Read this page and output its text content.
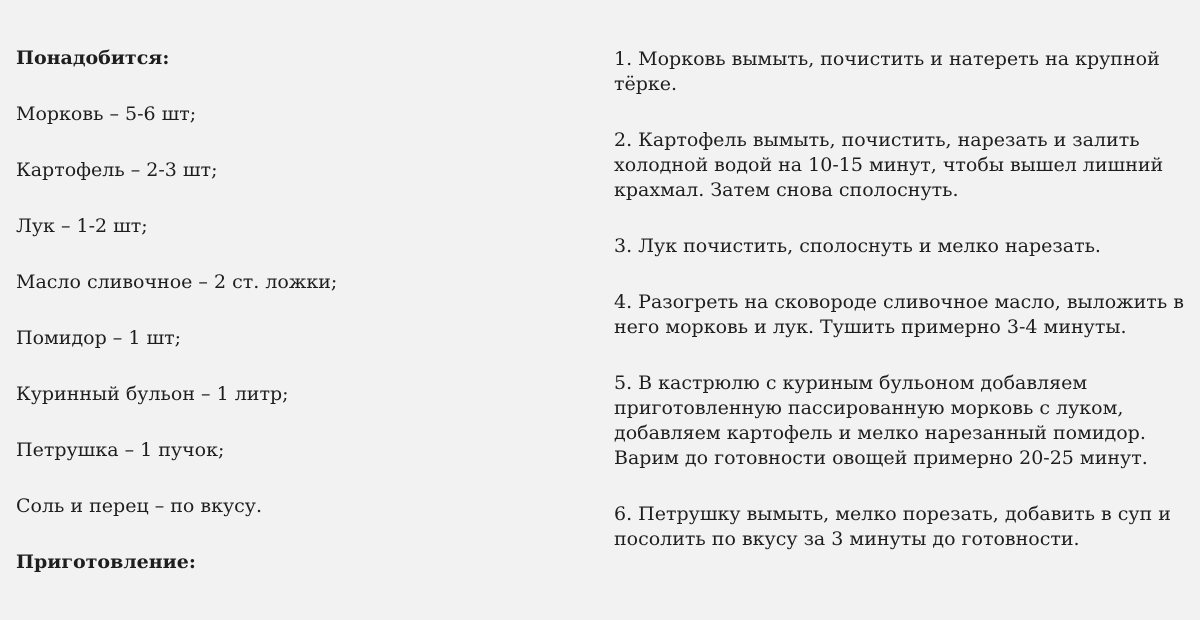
Понадобится:

Морковь – 5-6 шт;

Картофель – 2-3 шт;

Лук – 1-2 шт;

Масло сливочное – 2 ст. ложки;

Помидор – 1 шт;

Куринный бульон – 1 литр;

Петрушка – 1 пучок;

Соль и перец – по вкусу.

Приготовление:

1. Морковь вымыть, почистить и натереть на крупной тёрке.

2. Картофель вымыть, почистить, нарезать и залить холодной водой на 10-15 минут, чтобы вышел лишний крахмал. Затем снова сполоснуть.

3. Лук почистить, сполоснуть и мелко нарезать.

4. Разогреть на сковороде сливочное масло, выложить в него морковь и лук. Тушить примерно 3-4 минуты.

5. В кастрюлю с куриным бульоном добавляем приготовленную пассированную морковь с луком, добавляем картофель и мелко нарезанный помидор. Варим до готовности овощей примерно 20-25 минут.

6. Петрушку вымыть, мелко порезать, добавить в суп и посолить по вкусу за 3 минуты до готовности.
